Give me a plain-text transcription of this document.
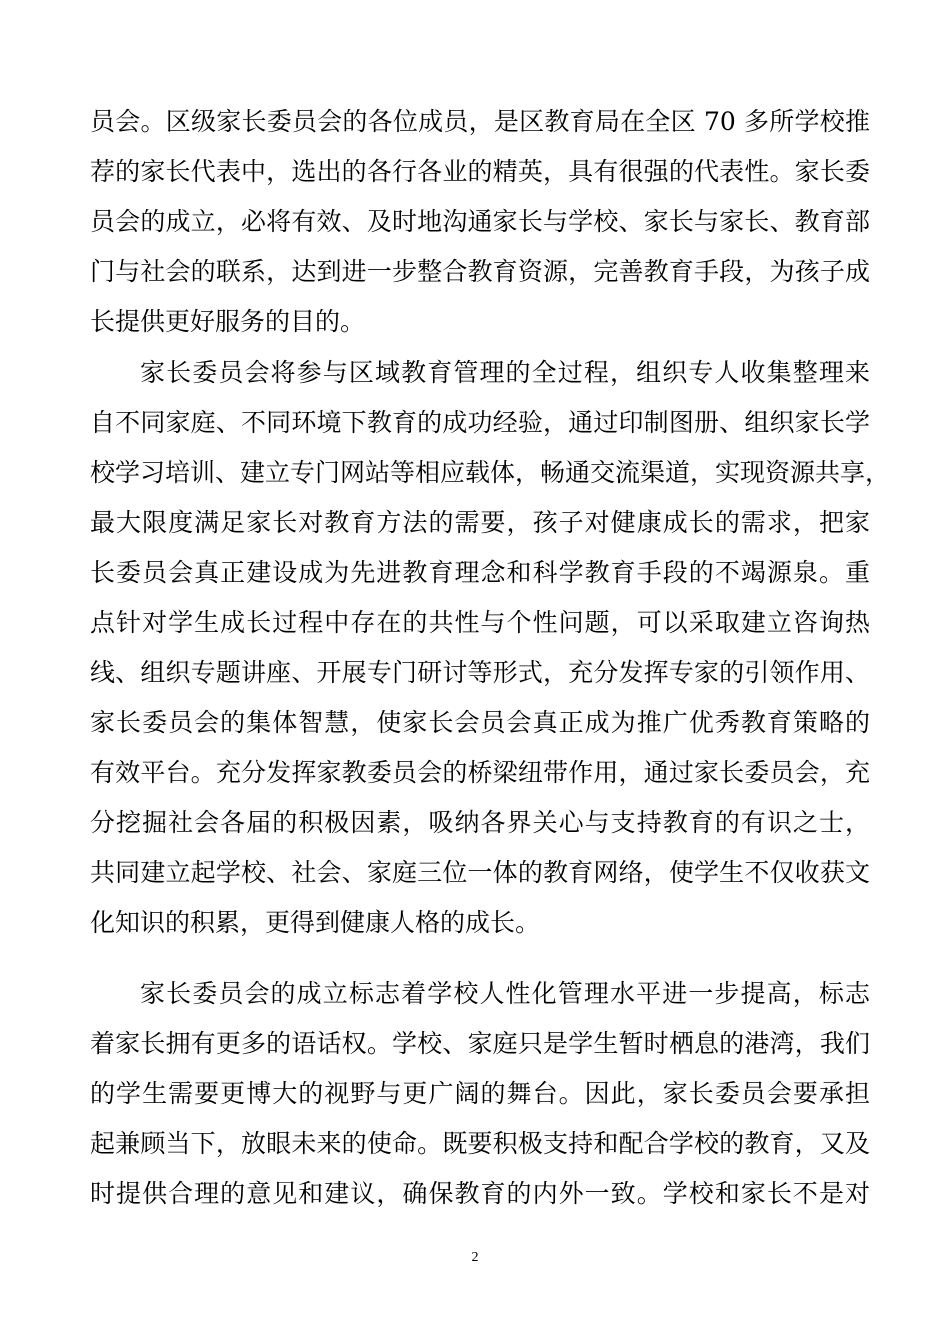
员会。区级家长委员会的各位成员，是区教育局在全区 70 多所学校推
荐的家长代表中，选出的各行各业的精英，具有很强的代表性。家长委
员会的成立，必将有效、及时地沟通家长与学校、家长与家长、教育部
门与社会的联系，达到进一步整合教育资源，完善教育手段，为孩子成
长提供更好服务的目的。
家长委员会将参与区域教育管理的全过程，组织专人收集整理来
自不同家庭、不同环境下教育的成功经验，通过印制图册、组织家长学
校学习培训、建立专门网站等相应载体，畅通交流渠道，实现资源共享，
最大限度满足家长对教育方法的需要，孩子对健康成长的需求，把家
长委员会真正建设成为先进教育理念和科学教育手段的不竭源泉。重
点针对学生成长过程中存在的共性与个性问题，可以采取建立咨询热
线、组织专题讲座、开展专门研讨等形式，充分发挥专家的引领作用、
家长委员会的集体智慧，使家长会员会真正成为推广优秀教育策略的
有效平台。充分发挥家教委员会的桥梁纽带作用，通过家长委员会，充
分挖掘社会各届的积极因素，吸纳各界关心与支持教育的有识之士，
共同建立起学校、社会、家庭三位一体的教育网络，使学生不仅收获文
化知识的积累，更得到健康人格的成长。
家长委员会的成立标志着学校人性化管理水平进一步提高，标志
着家长拥有更多的语话权。学校、家庭只是学生暂时栖息的港湾，我们
的学生需要更博大的视野与更广阔的舞台。因此，家长委员会要承担
起兼顾当下，放眼未来的使命。既要积极支持和配合学校的教育，又及
时提供合理的意见和建议，确保教育的内外一致。学校和家长不是对
2
